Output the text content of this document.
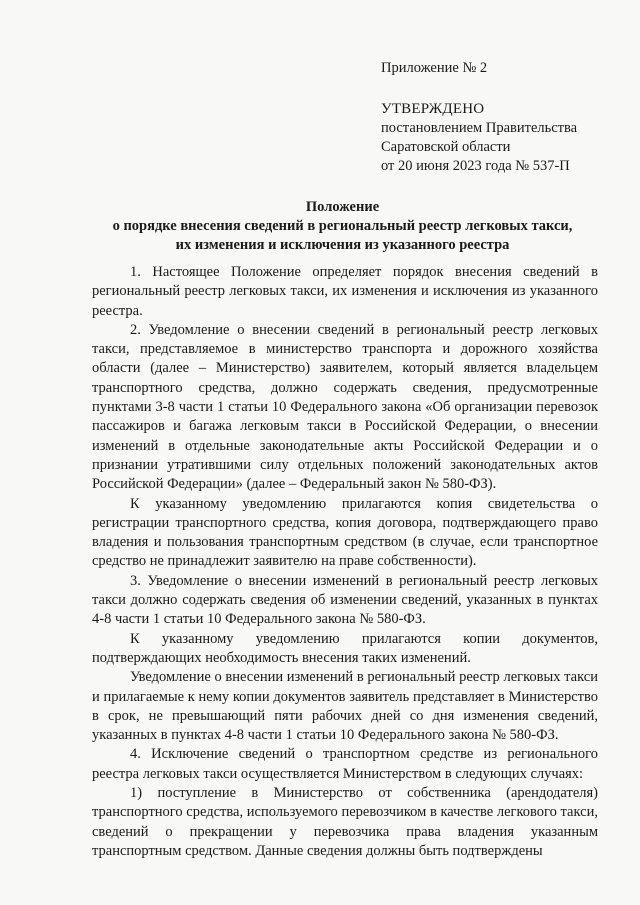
Приложение № 2
УТВЕРЖДЕНО
постановлением Правительства
Саратовской области
от 20 июня 2023 года № 537-П
Положение
о порядке внесения сведений в региональный реестр легковых такси,
их изменения и исключения из указанного реестра

1. Настоящее Положение определяет порядок внесения сведений в региональный реестр легковых такси, их изменения и исключения из указанного реестра.

2. Уведомление о внесении сведений в региональный реестр легковых такси, представляемое в министерство транспорта и дорожного хозяйства области (далее – Министерство) заявителем, который является владельцем транспортного средства, должно содержать сведения, предусмотренные пунктами 3-8 части 1 статьи 10 Федерального закона «Об организации перевозок пассажиров и багажа легковым такси в Российской Федерации, о внесении изменений в отдельные законодательные акты Российской Федерации и о признании утратившими силу отдельных положений законодательных актов Российской Федерации» (далее – Федеральный закон № 580-ФЗ).

К указанному уведомлению прилагаются копия свидетельства о регистрации транспортного средства, копия договора, подтверждающего право владения и пользования транспортным средством (в случае, если транспортное средство не принадлежит заявителю на праве собственности).

3. Уведомление о внесении изменений в региональный реестр легковых такси должно содержать сведения об изменении сведений, указанных в пунктах 4-8 части 1 статьи 10 Федерального закона № 580-ФЗ.

К указанному уведомлению прилагаются копии документов, подтверждающих необходимость внесения таких изменений.

Уведомление о внесении изменений в региональный реестр легковых такси и прилагаемые к нему копии документов заявитель представляет в Министерство в срок, не превышающий пяти рабочих дней со дня изменения сведений, указанных в пунктах 4-8 части 1 статьи 10 Федерального закона № 580-ФЗ.

4. Исключение сведений о транспортном средстве из регионального реестра легковых такси осуществляется Министерством в следующих случаях:

1) поступление в Министерство от собственника (арендодателя) транспортного средства, используемого перевозчиком в качестве легкового такси, сведений о прекращении у перевозчика права владения указанным транспортным средством. Данные сведения должны быть подтверждены
